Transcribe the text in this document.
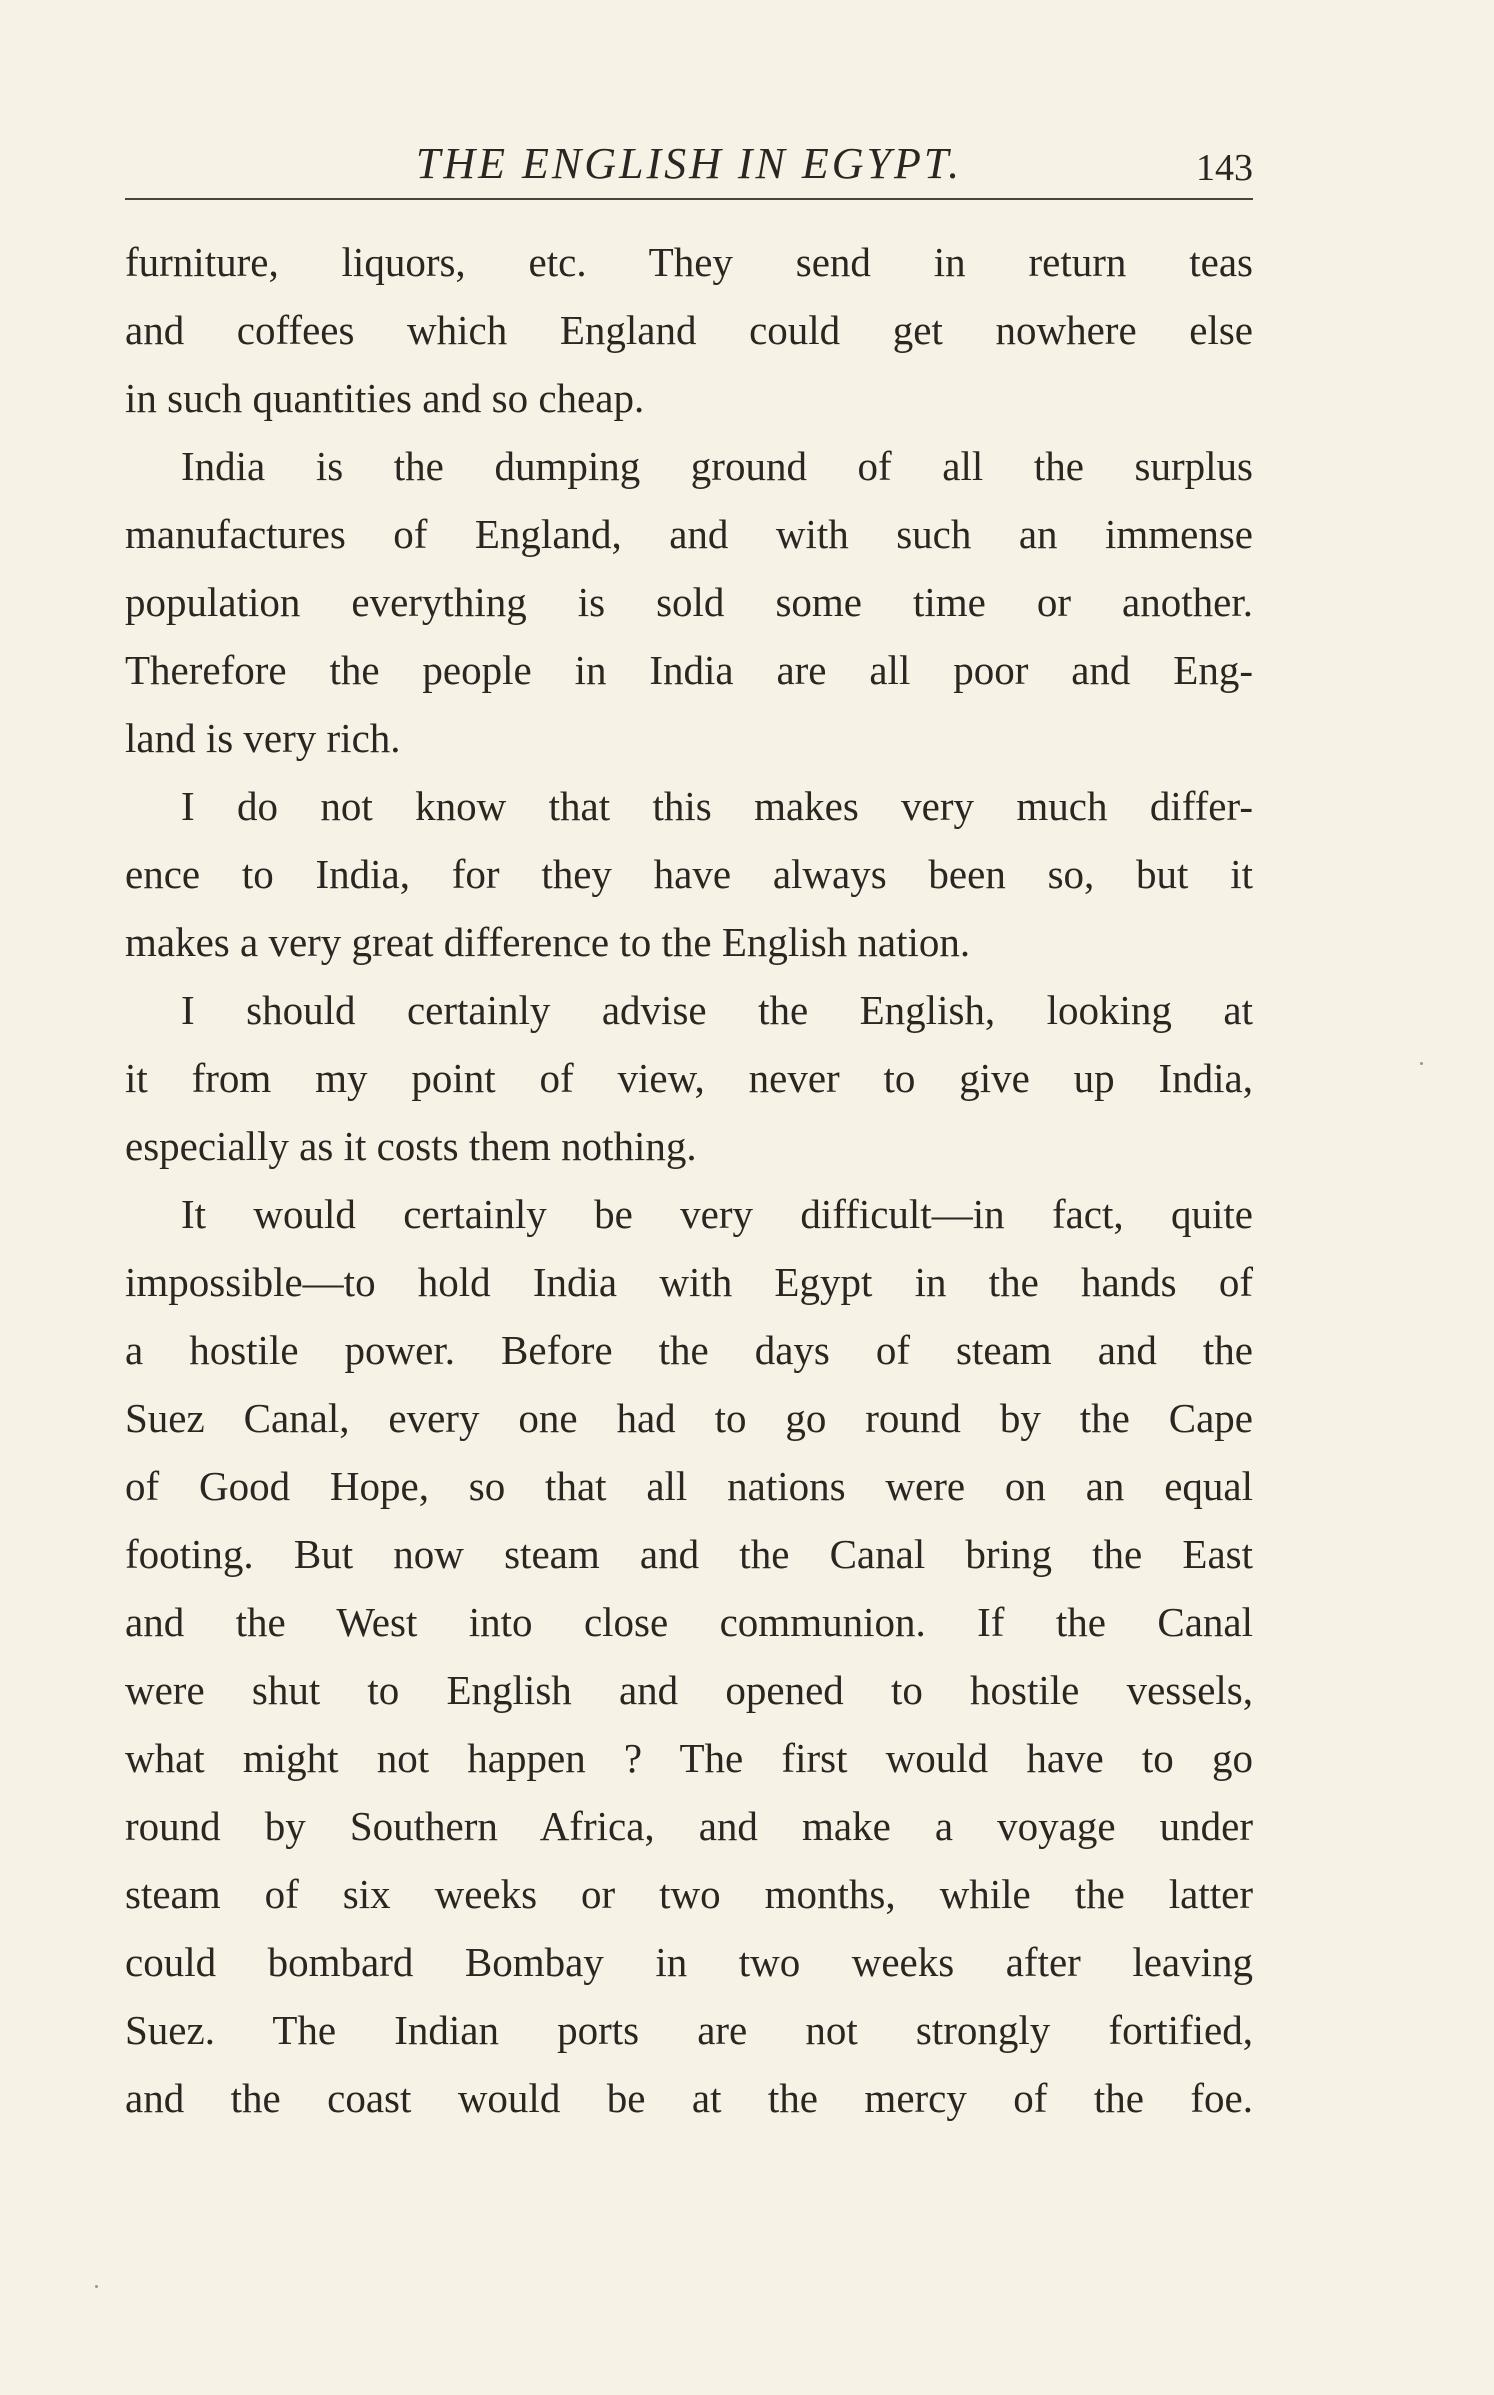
THE ENGLISH IN EGYPT.	143
furniture, liquors, etc. They send in return teas
and coffees which England could get nowhere else
in such quantities and so cheap.
India is the dumping ground of all the surplus
manufactures of England, and with such an immense
population everything is sold some time or another.
Therefore the people in India are all poor and Eng-
land is very rich.
I do not know that this makes very much differ-
ence to India, for they have always been so, but it
makes a very great difference to the English nation.
I should certainly advise the English, looking at
it from my point of view, never to give up India,
especially as it costs them nothing.
It would certainly be very difficult—in fact, quite
impossible—to hold India with Egypt in the hands of
a hostile power. Before the days of steam and the
Suez Canal, every one had to go round by the Cape
of Good Hope, so that all nations were on an equal
footing. But now steam and the Canal bring the East
and the West into close communion. If the Canal
were shut to English and opened to hostile vessels,
what might not happen ? The first would have to go
round by Southern Africa, and make a voyage under
steam of six weeks or two months, while the latter
could bombard Bombay in two weeks after leaving
Suez. The Indian ports are not strongly fortified,
and the coast would be at the mercy of the foe.
